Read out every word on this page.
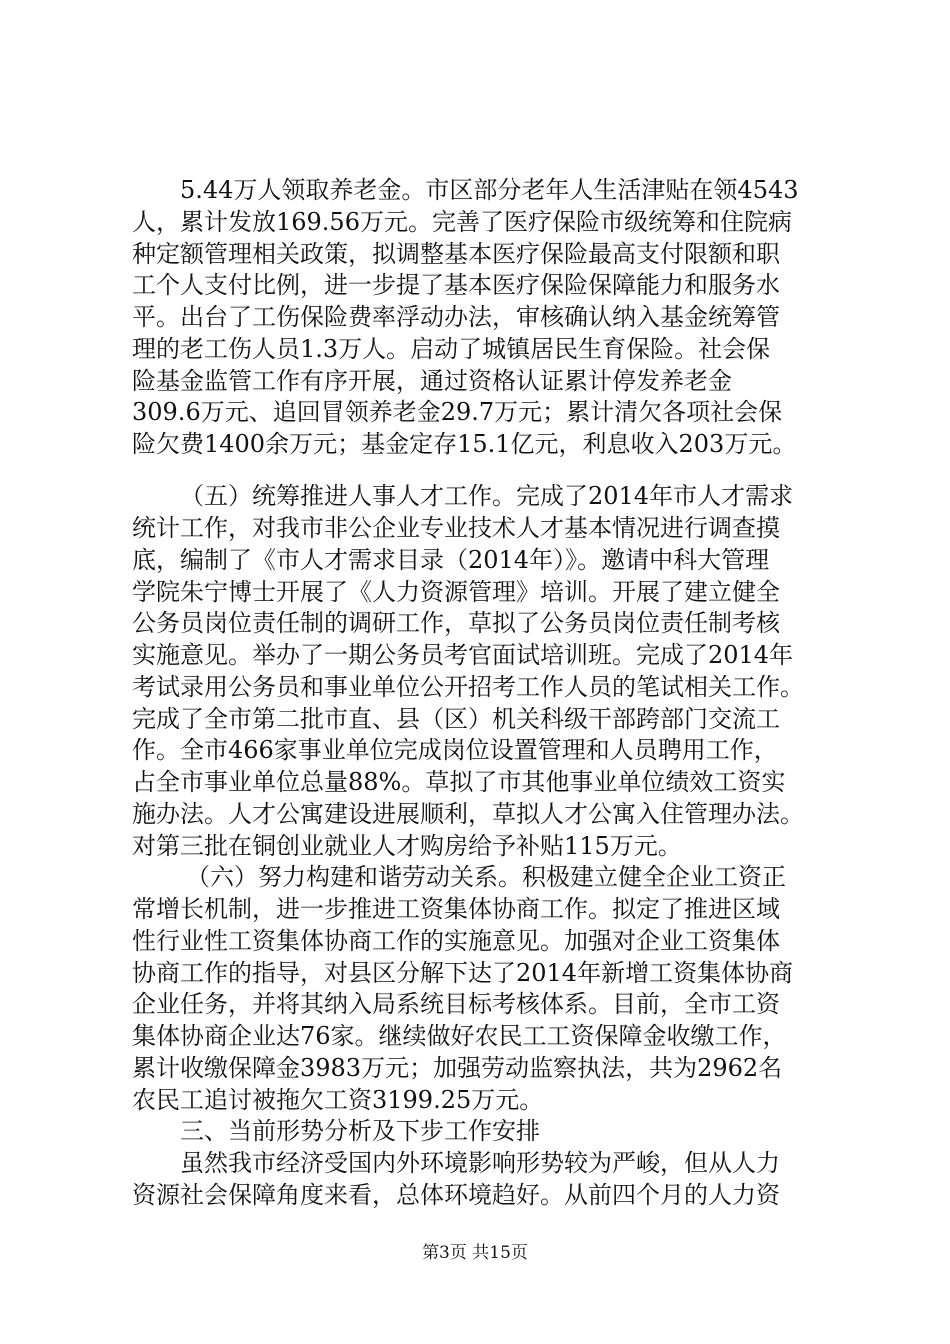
5.44万人领取养老金。市区部分老年人生活津贴在领4543
人，累计发放169.56万元。完善了医疗保险市级统筹和住院病
种定额管理相关政策，拟调整基本医疗保险最高支付限额和职
工个人支付比例，进一步提了基本医疗保险保障能力和服务水
平。出台了工伤保险费率浮动办法，审核确认纳入基金统筹管
理的老工伤人员1.3万人。启动了城镇居民生育保险。社会保
险基金监管工作有序开展，通过资格认证累计停发养老金
309.6万元、追回冒领养老金29.7万元；累计清欠各项社会保
险欠费1400余万元；基金定存15.1亿元，利息收入203万元。
（五）统筹推进人事人才工作。完成了2014年市人才需求
统计工作，对我市非公企业专业技术人才基本情况进行调查摸
底，编制了《市人才需求目录（2014年）》。邀请中科大管理
学院朱宁博士开展了《人力资源管理》培训。开展了建立健全
公务员岗位责任制的调研工作，草拟了公务员岗位责任制考核
实施意见。举办了一期公务员考官面试培训班。完成了2014年
考试录用公务员和事业单位公开招考工作人员的笔试相关工作。
完成了全市第二批市直、县（区）机关科级干部跨部门交流工
作。全市466家事业单位完成岗位设置管理和人员聘用工作，
占全市事业单位总量88%。草拟了市其他事业单位绩效工资实
施办法。人才公寓建设进展顺利，草拟人才公寓入住管理办法。
对第三批在铜创业就业人才购房给予补贴115万元。
（六）努力构建和谐劳动关系。积极建立健全企业工资正
常增长机制，进一步推进工资集体协商工作。拟定了推进区域
性行业性工资集体协商工作的实施意见。加强对企业工资集体
协商工作的指导，对县区分解下达了2014年新增工资集体协商
企业任务，并将其纳入局系统目标考核体系。目前，全市工资
集体协商企业达76家。继续做好农民工工资保障金收缴工作，
累计收缴保障金3983万元；加强劳动监察执法，共为2962名
农民工追讨被拖欠工资3199.25万元。
三、当前形势分析及下步工作安排
虽然我市经济受国内外环境影响形势较为严峻，但从人力
资源社会保障角度来看，总体环境趋好。从前四个月的人力资
第3页 共15页
